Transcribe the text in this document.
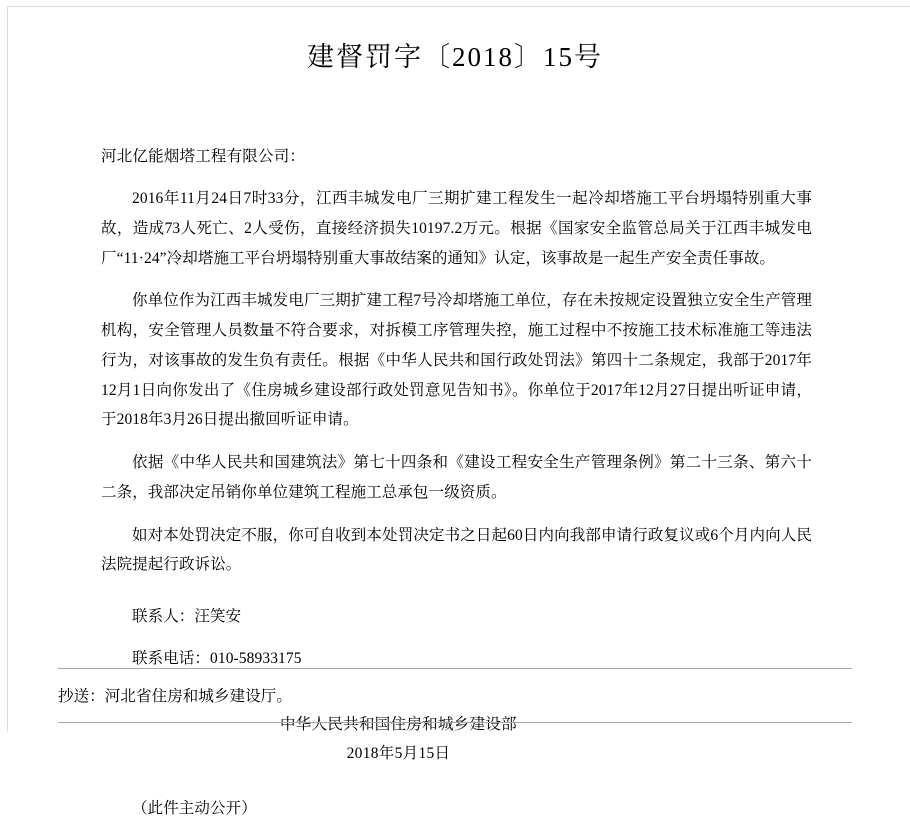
建督罚字〔2018〕15号

河北亿能烟塔工程有限公司：

2016年11月24日7时33分，江西丰城发电厂三期扩建工程发生一起冷却塔施工平台坍塌特别重大事故，造成73人死亡、2人受伤，直接经济损失10197.2万元。根据《国家安全监管总局关于江西丰城发电厂“11·24”冷却塔施工平台坍塌特别重大事故结案的通知》认定，该事故是一起生产安全责任事故。

你单位作为江西丰城发电厂三期扩建工程7号冷却塔施工单位，存在未按规定设置独立安全生产管理机构，安全管理人员数量不符合要求，对拆模工序管理失控，施工过程中不按施工技术标准施工等违法行为，对该事故的发生负有责任。根据《中华人民共和国行政处罚法》第四十二条规定，我部于2017年12月1日向你发出了《住房城乡建设部行政处罚意见告知书》。你单位于2017年12月27日提出听证申请，于2018年3月26日提出撤回听证申请。

依据《中华人民共和国建筑法》第七十四条和《建设工程安全生产管理条例》第二十三条、第六十二条，我部决定吊销你单位建筑工程施工总承包一级资质。

如对本处罚决定不服，你可自收到本处罚决定书之日起60日内向我部申请行政复议或6个月内向人民法院提起行政诉讼。

联系人：汪笑安

联系电话：010-58933175

中华人民共和国住房和城乡建设部
2018年5月15日
（此件主动公开）
抄送：河北省住房和城乡建设厅。
